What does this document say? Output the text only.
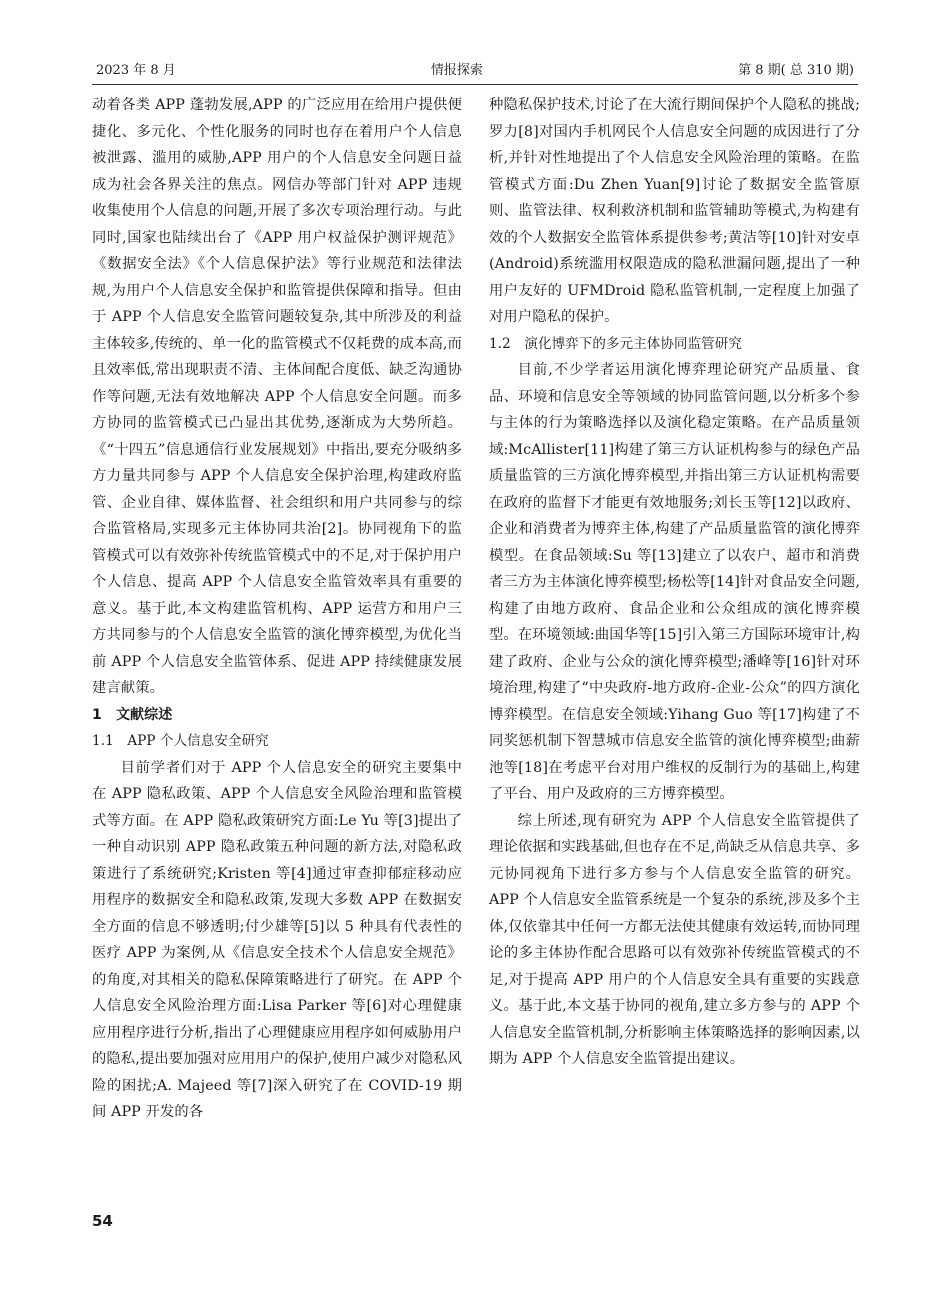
2023 年 8 月	情报探索	第 8 期( 总 310 期)

动着各类 APP 蓬勃发展,APP 的广泛应用在给用户提供便捷化、多元化、个性化服务的同时也存在着用户个人信息被泄露、滥用的威胁,APP 用户的个人信息安全问题日益成为社会各界关注的焦点。网信办等部门针对 APP 违规收集使用个人信息的问题,开展了多次专项治理行动。与此同时,国家也陆续出台了《APP 用户权益保护测评规范》《数据安全法》《个人信息保护法》等行业规范和法律法规,为用户个人信息安全保护和监管提供保障和指导。但由于 APP 个人信息安全监管问题较复杂,其中所涉及的利益主体较多,传统的、单一化的监管模式不仅耗费的成本高,而且效率低,常出现职责不清、主体间配合度低、缺乏沟通协作等问题,无法有效地解决 APP 个人信息安全问题。而多方协同的监管模式已凸显出其优势,逐渐成为大势所趋。《“十四五”信息通信行业发展规划》中指出,要充分吸纳多方力量共同参与 APP 个人信息安全保护治理,构建政府监管、企业自律、媒体监督、社会组织和用户共同参与的综合监管格局,实现多元主体协同共治[2]。协同视角下的监管模式可以有效弥补传统监管模式中的不足,对于保护用户个人信息、提高 APP 个人信息安全监管效率具有重要的意义。基于此,本文构建监管机构、APP 运营方和用户三方共同参与的个人信息安全监管的演化博弈模型,为优化当前 APP 个人信息安全监管体系、促进 APP 持续健康发展建言献策。

1　文献综述

1.1　APP 个人信息安全研究

目前学者们对于 APP 个人信息安全的研究主要集中在 APP 隐私政策、APP 个人信息安全风险治理和监管模式等方面。在 APP 隐私政策研究方面:Le Yu 等[3]提出了一种自动识别 APP 隐私政策五种问题的新方法,对隐私政策进行了系统研究;Kristen 等[4]通过审查抑郁症移动应用程序的数据安全和隐私政策,发现大多数 APP 在数据安全方面的信息不够透明;付少雄等[5]以 5 种具有代表性的医疗 APP 为案例,从《信息安全技术个人信息安全规范》的角度,对其相关的隐私保障策略进行了研究。在 APP 个人信息安全风险治理方面:Lisa Parker 等[6]对心理健康应用程序进行分析,指出了心理健康应用程序如何威胁用户的隐私,提出要加强对应用用户的保护,使用户减少对隐私风险的困扰;A. Majeed 等[7]深入研究了在 COVID-19 期间 APP 开发的各

种隐私保护技术,讨论了在大流行期间保护个人隐私的挑战;罗力[8]对国内手机网民个人信息安全问题的成因进行了分析,并针对性地提出了个人信息安全风险治理的策略。在监管模式方面:Du Zhen Yuan[9]讨论了数据安全监管原则、监管法律、权利救济机制和监管辅助等模式,为构建有效的个人数据安全监管体系提供参考;黄洁等[10]针对安卓(Android)系统滥用权限造成的隐私泄漏问题,提出了一种用户友好的 UFMDroid 隐私监管机制,一定程度上加强了对用户隐私的保护。

1.2　演化博弈下的多元主体协同监管研究

目前,不少学者运用演化博弈理论研究产品质量、食品、环境和信息安全等领域的协同监管问题,以分析多个参与主体的行为策略选择以及演化稳定策略。在产品质量领域:McAllister[11]构建了第三方认证机构参与的绿色产品质量监管的三方演化博弈模型,并指出第三方认证机构需要在政府的监督下才能更有效地服务;刘长玉等[12]以政府、企业和消费者为博弈主体,构建了产品质量监管的演化博弈模型。在食品领域:Su 等[13]建立了以农户、超市和消费者三方为主体演化博弈模型;杨松等[14]针对食品安全问题,构建了由地方政府、食品企业和公众组成的演化博弈模型。在环境领域:曲国华等[15]引入第三方国际环境审计,构建了政府、企业与公众的演化博弈模型;潘峰等[16]针对环境治理,构建了“中央政府-地方政府-企业-公众”的四方演化博弈模型。在信息安全领域:Yihang Guo 等[17]构建了不同奖惩机制下智慧城市信息安全监管的演化博弈模型;曲薪池等[18]在考虑平台对用户维权的反制行为的基础上,构建了平台、用户及政府的三方博弈模型。

综上所述,现有研究为 APP 个人信息安全监管提供了理论依据和实践基础,但也存在不足,尚缺乏从信息共享、多元协同视角下进行多方参与个人信息安全监管的研究。APP 个人信息安全监管系统是一个复杂的系统,涉及多个主体,仅依靠其中任何一方都无法使其健康有效运转,而协同理论的多主体协作配合思路可以有效弥补传统监管模式的不足,对于提高 APP 用户的个人信息安全具有重要的实践意义。基于此,本文基于协同的视角,建立多方参与的 APP 个人信息安全监管机制,分析影响主体策略选择的影响因素,以期为 APP 个人信息安全监管提出建议。

54
